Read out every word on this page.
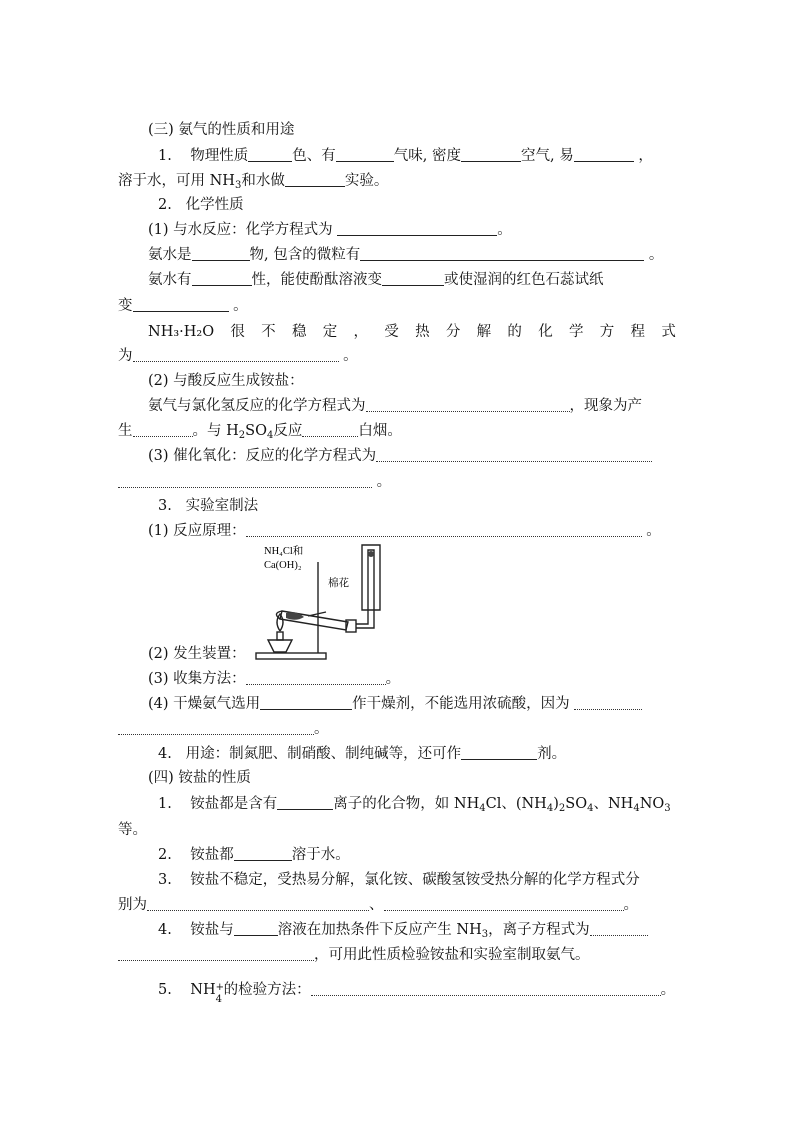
(三) 氨气的性质和用途

1. 物理性质	色、有	气味, 密度	空气, 易	，

溶于水，可用 $NH_3$和水做	实验。

2. 化学性质

(1) 与水反应：化学方程式为	。

氨水是	物, 包含的微粒有	。

氨水有	性，能使酚酞溶液变	或使湿润的红色石蕊试纸

变	。

NH₃·H₂O 很 不 稳 定 ， 受 热 分 解 的 化 学 方 程 式

为	。

(2) 与酸反应生成铵盐：

氨气与氯化氢反应的化学方程式为	，现象为产

生	。与 $H_2SO_4$反应	白烟。

(3) 催化氧化：反应的化学方程式为

。

3. 实验室制法

(1) 反应原理：	。

NH₄Cl和
Ca(OH)₂
棉花

(2) 发生装置：

(3) 收集方法：	。

(4) 干燥氨气选用	作干燥剂，不能选用浓硫酸，因为

。

4. 用途：制氮肥、制硝酸、制纯碱等，还可作	剂。

(四) 铵盐的性质

1. 铵盐都是含有	离子的化合物，如 $NH_4Cl$、$(NH_4)_2SO_4$、$NH_4NO_3$

等。

2. 铵盐都	溶于水。

3. 铵盐不稳定，受热易分解，氯化铵、碳酸氢铵受热分解的化学方程式分

别为	、	。

4. 铵盐与	溶液在加热条件下反应产生 $NH_3$，离子方程式为

，可用此性质检验铵盐和实验室制取氨气。

5. NH +
4
的检验方法：	。
